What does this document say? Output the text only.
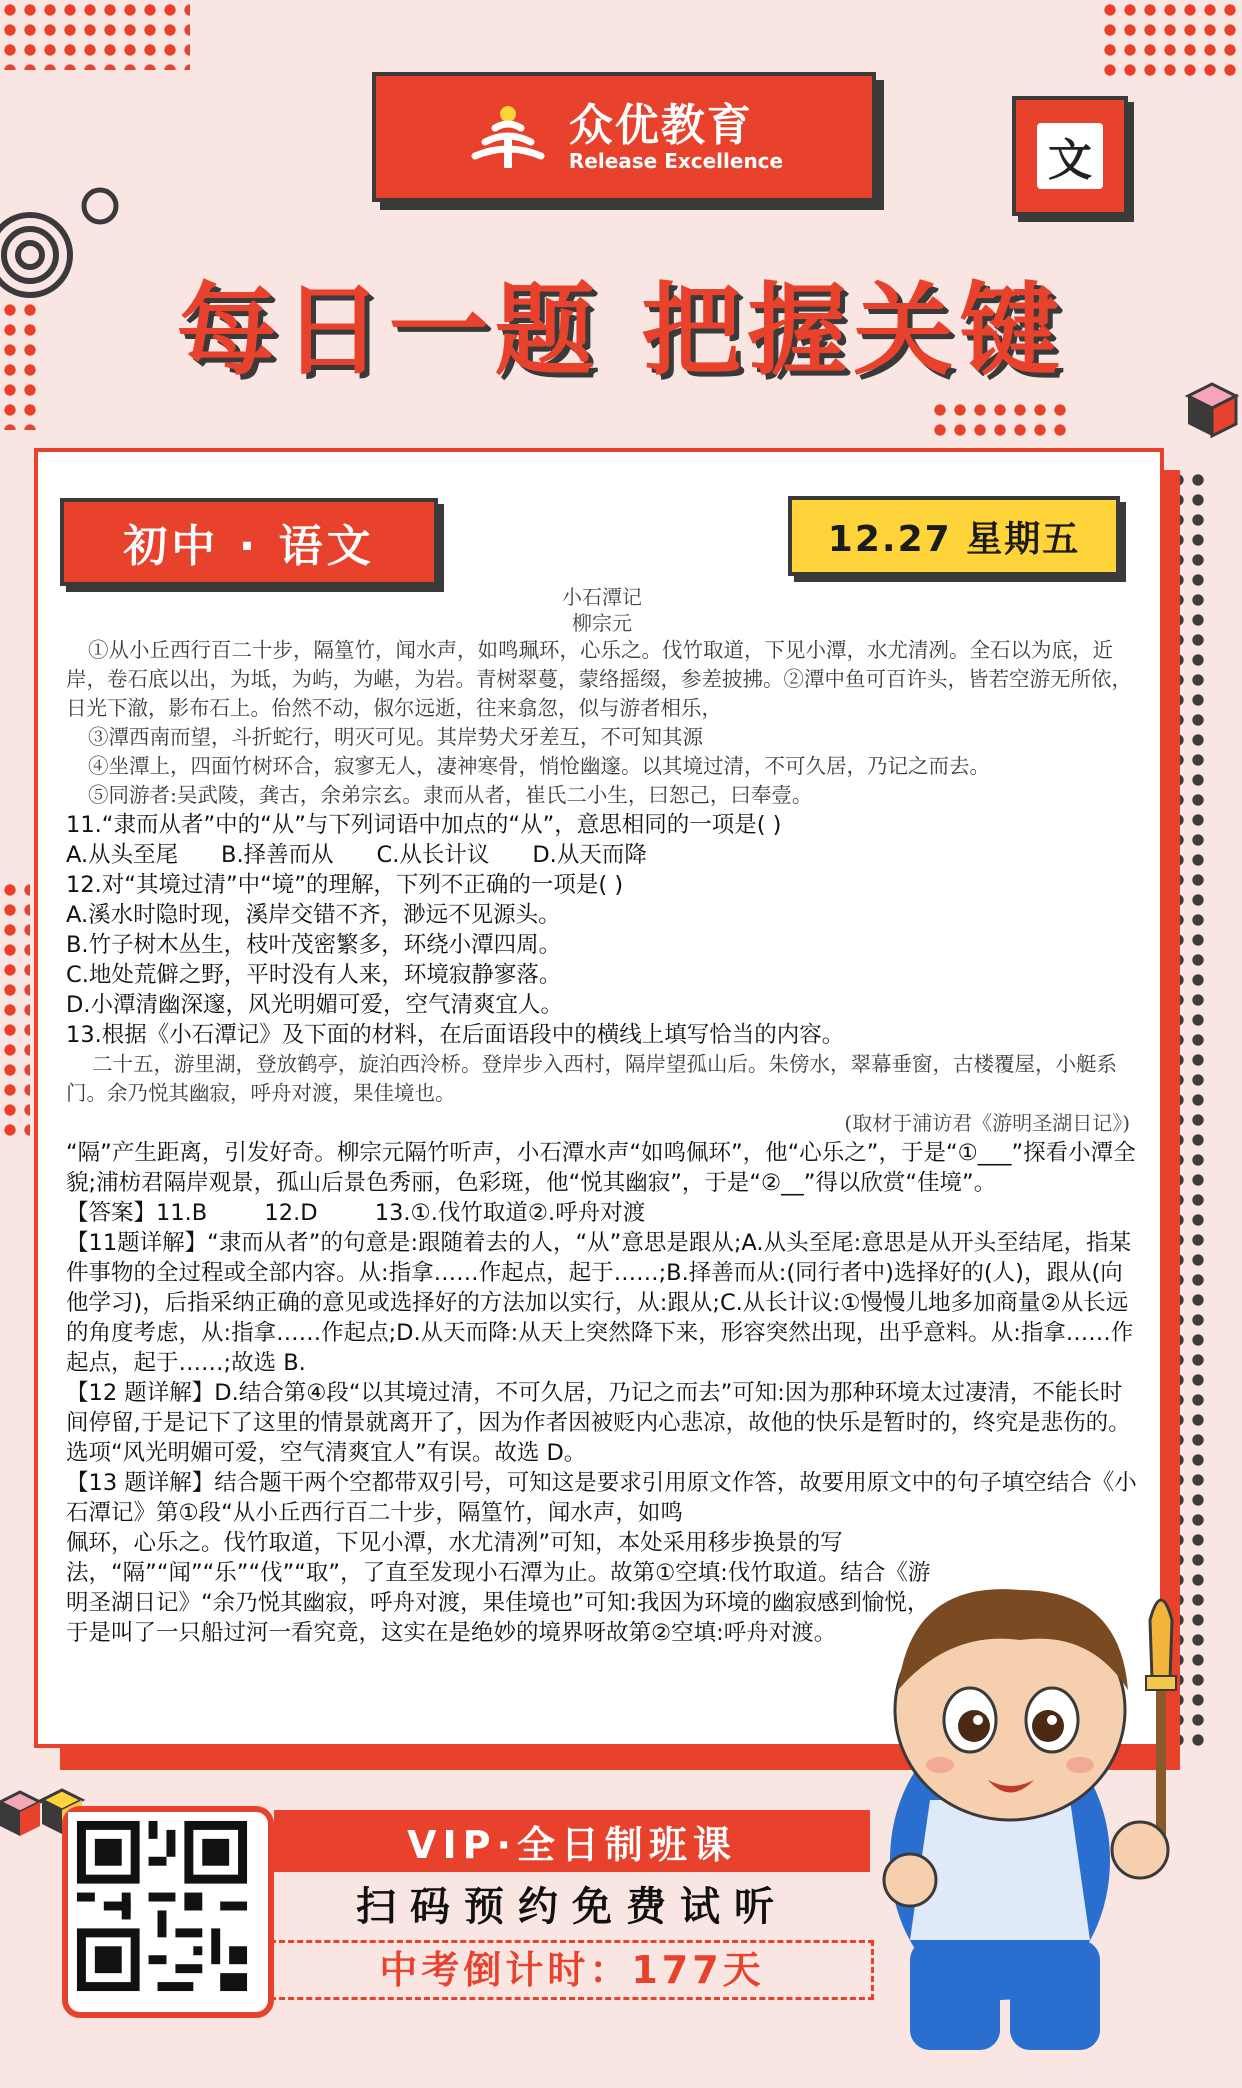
众优教育
Release Excellence	文
每日一题 把握关键
初中 · 语文	12.27 星期五
小石潭记
柳宗元

①从小丘西行百二十步，隔篁竹，闻水声，如鸣珮环，心乐之。伐竹取道，下见小潭，水尤清冽。全石以为底，近岸，卷石底以出，为坻，为屿，为嵁，为岩。青树翠蔓，蒙络摇缀，参差披拂。②潭中鱼可百许头，皆若空游无所依，日光下澈，影布石上。佁然不动，俶尔远逝，往来翕忽，似与游者相乐，

③潭西南而望，斗折蛇行，明灭可见。其岸势犬牙差互，不可知其源

④坐潭上，四面竹树环合，寂寥无人，凄神寒骨，悄怆幽邃。以其境过清，不可久居，乃记之而去。

⑤同游者:吴武陵，龚古，余弟宗玄。隶而从者，崔氏二小生，曰恕己，曰奉壹。

11.“隶而从者”中的“从”与下列词语中加点的“从”，意思相同的一项是( )

A.从头至尾      B.择善而从      C.从长计议      D.从天而降

12.对“其境过清”中“境”的理解，下列不正确的一项是( )

A.溪水时隐时现，溪岸交错不齐，渺远不见源头。

B.竹子树木丛生，枝叶茂密繁多，环绕小潭四周。

C.地处荒僻之野，平时没有人来，环境寂静寥落。

D.小潭清幽深邃，风光明媚可爱，空气清爽宜人。

13.根据《小石潭记》及下面的材料，在后面语段中的横线上填写恰当的内容。

二十五，游里湖，登放鹤亭，旋泊西泠桥。登岸步入西村，隔岸望孤山后。朱傍水，翠幕垂窗，古楼覆屋，小艇系门。余乃悦其幽寂，呼舟对渡，果佳境也。

(取材于浦访君《游明圣湖日记》)

“隔”产生距离，引发好奇。柳宗元隔竹听声，小石潭水声“如鸣佩环”，他“心乐之”，于是“①___”探看小潭全貌;浦枋君隔岸观景，孤山后景色秀丽，色彩斑，他“悦其幽寂”，于是“②__”得以欣赏“佳境”。

【答案】11.B        12.D        13.①.伐竹取道②.呼舟对渡

【11题详解】“隶而从者”的句意是:跟随着去的人，“从”意思是跟从;A.从头至尾:意思是从开头至结尾，指某件事物的全过程或全部内容。从:指拿……作起点，起于……;B.择善而从:(同行者中)选择好的(人)，跟从(向他学习)，后指采纳正确的意见或选择好的方法加以实行，从:跟从;C.从长计议:①慢慢儿地多加商量②从长远的角度考虑，从:指拿……作起点;D.从天而降:从天上突然降下来，形容突然出现，出乎意料。从:指拿……作起点，起于……;故选 B.

【12 题详解】D.结合第④段“以其境过清，不可久居，乃记之而去”可知:因为那种环境太过凄清，不能长时间停留,于是记下了这里的情景就离开了，因为作者因被贬内心悲凉，故他的快乐是暂时的，终究是悲伤的。选项“风光明媚可爱，空气清爽宜人”有误。故选 D。

【13 题详解】结合题干两个空都带双引号，可知这是要求引用原文作答，故要用原文中的句子填空结合《小石潭记》第①段“从小丘西行百二十步，隔篁竹，闻水声，如鸣

佩环，心乐之。伐竹取道，下见小潭，水尤清冽”可知，本处采用移步换景的写法，“隔”“闻”“乐”“伐”“取”，了直至发现小石潭为止。故第①空填:伐竹取道。结合《游明圣湖日记》“余乃悦其幽寂，呼舟对渡，果佳境也”可知:我因为环境的幽寂感到愉悦，于是叫了一只船过河一看究竟，这实在是绝妙的境界呀故第②空填:呼舟对渡。

VIP·全日制班课
扫码预约免费试听
中考倒计时：177天
